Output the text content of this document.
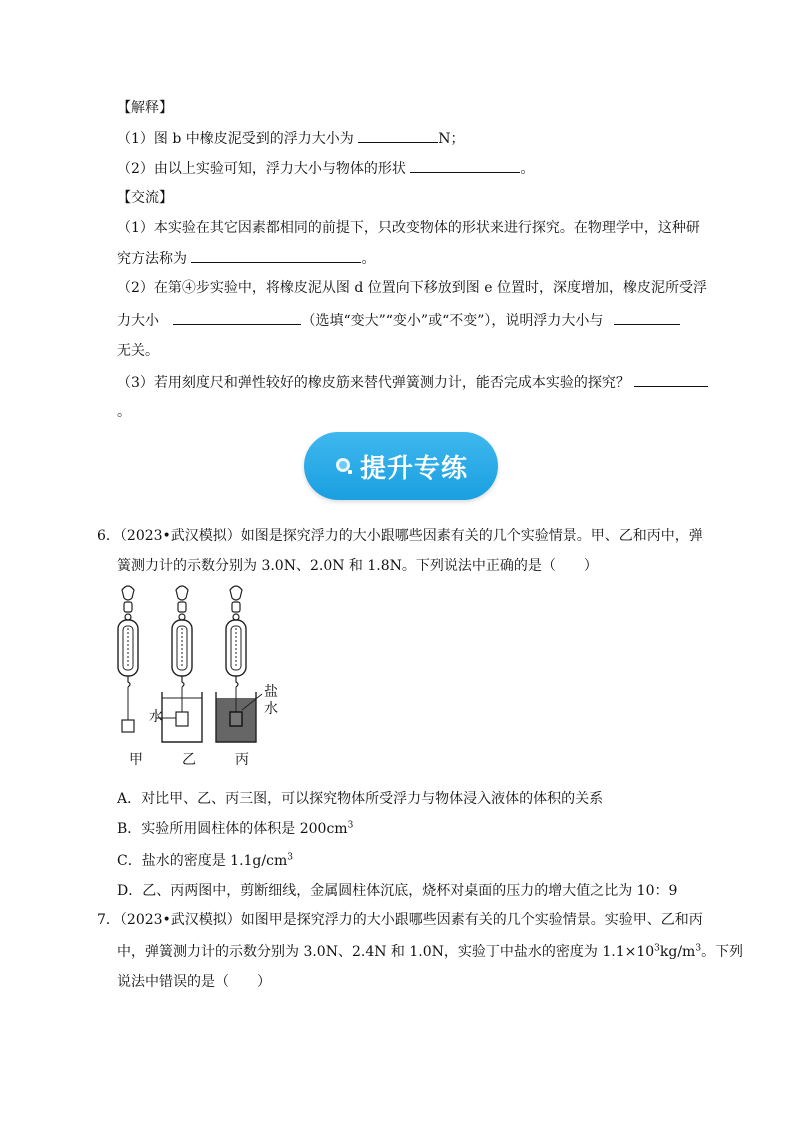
【解释】
（1）图 b 中橡皮泥受到的浮力大小为	N；
（2）由以上实验可知，浮力大小与物体的形状	。
【交流】
（1）本实验在其它因素都相同的前提下，只改变物体的形状来进行探究。在物理学中，这种研
究方法称为	。
（2）在第④步实验中，将橡皮泥从图 d 位置向下移放到图 e 位置时，深度增加，橡皮泥所受浮
力大小	（选填“变大”“变小”或“不变”），说明浮力大小与
无关。
（3）若用刻度尺和弹性较好的橡皮筋来替代弹簧测力计，能否完成本实验的探究？
。
提升专练
6．（2023•武汉模拟）如图是探究浮力的大小跟哪些因素有关的几个实验情景。甲、乙和丙中，弹
簧测力计的示数分别为 3.0N、2.0N 和 1.8N。下列说法中正确的是（　　）
甲	乙	丙
水
盐
水
A．对比甲、乙、丙三图，可以探究物体所受浮力与物体浸入液体的体积的关系
B．实验所用圆柱体的体积是 $200cm^3$
C．盐水的密度是 $1.1g/cm^3$
D．乙、丙两图中，剪断细线，金属圆柱体沉底，烧杯对桌面的压力的增大值之比为 10：9
7．（2023•武汉模拟）如图甲是探究浮力的大小跟哪些因素有关的几个实验情景。实验甲、乙和丙
中，弹簧测力计的示数分别为 3.0N、2.4N 和 1.0N，实验丁中盐水的密度为 $1.1\times 10^3kg/m^3$。下列
说法中错误的是（　　）
